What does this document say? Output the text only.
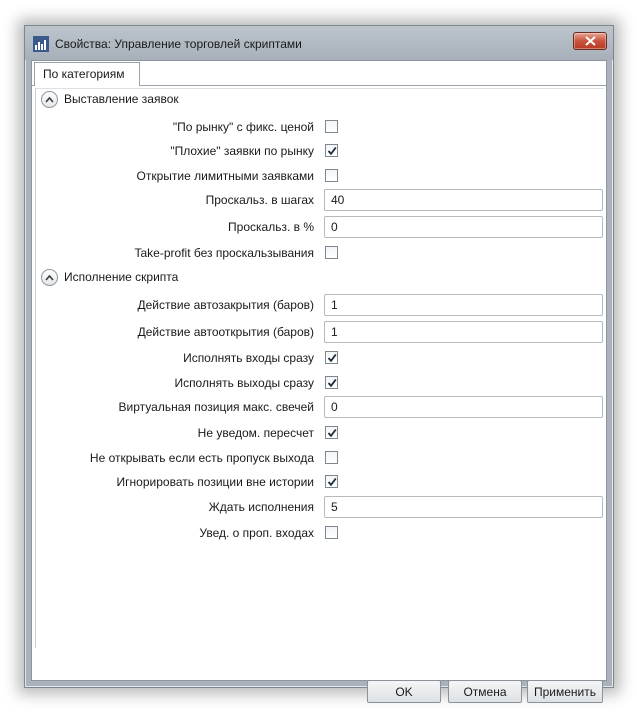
Свойства: Управление торговлей скриптами
По категориям
Выставление заявок
"По рынку" с фикс. ценой
"Плохие" заявки по рынку
Открытие лимитными заявками
Проскальз. в шагах
40
Проскальз. в %
0
Take-profit без проскальзывания
Исполнение скрипта
Действие автозакрытия (баров)
1
Действие автооткрытия (баров)
1
Исполнять входы сразу
Исполнять выходы сразу
Виртуальная позиция макс. свечей
0
Не уведом. пересчет
Не открывать если есть пропуск выхода
Игнорировать позиции вне истории
Ждать исполнения
5
Увед. о проп. входах
OK	Отмена	Применить
